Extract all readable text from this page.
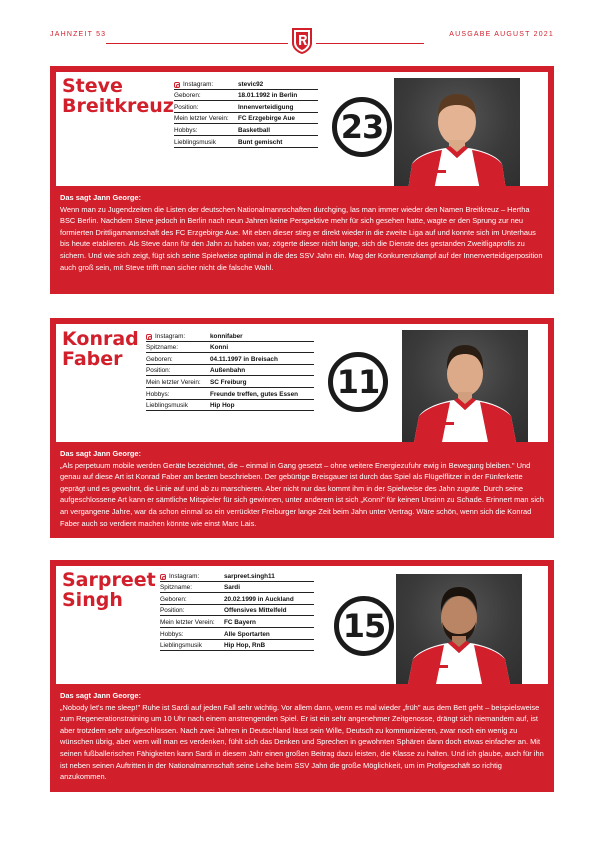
JAHNZEIT 53	AUSGABE AUGUST 2021
Steve
Breitkreuz
Instagram:	stevic92
Geboren:	18.01.1992 in Berlin
Position:	Innenverteidigung
Mein letzter Verein:	FC Erzgebirge Aue
Hobbys:	Basketball
Lieblingsmusik	Bunt gemischt	23
Das sagt Jann George:
Wenn man zu Jugendzeiten die Listen der deutschen Nationalmannschaften durchging, las man immer wieder den Namen Breitkreuz – Hertha BSC Berlin. Nachdem Steve jedoch in Berlin nach neun Jahren keine Perspektive mehr für sich gesehen hatte, wagte er den Sprung zur neu formierten Drittligamannschaft des FC Erzgebirge Aue. Mit eben dieser stieg er direkt wieder in die zweite Liga auf und konnte sich im Unterhaus bis heute etablieren. Als Steve dann für den Jahn zu haben war, zögerte dieser nicht lange, sich die Dienste des gestanden Zweitligaprofis zu sichern. Und wie sich zeigt, fügt sich seine Spielweise optimal in die des SSV Jahn ein. Mag der Konkurrenzkampf auf der Innenverteidigerposition auch groß sein, mit Steve trifft man sicher nicht die falsche Wahl.
Konrad
Faber
Instagram:	konnifaber
Spitzname:	Konni
Geboren:	04.11.1997 in Breisach
Position:	Außenbahn
Mein letzter Verein:	SC Freiburg
Hobbys:	Freunde treffen, gutes Essen
Lieblingsmusik	Hip Hop
11
Das sagt Jann George:
„Als perpetuum mobile werden Geräte bezeichnet, die – einmal in Gang gesetzt – ohne weitere Energiezufuhr ewig in Bewegung bleiben." Und genau auf diese Art ist Konrad Faber am besten beschrieben. Der gebürtige Breisgauer ist durch das Spiel als Flügelflitzer in der Fünferkette geprägt und es gewohnt, die Linie auf und ab zu marschieren. Aber nicht nur das kommt ihm in der Spielweise des Jahn zugute. Durch seine aufgeschlossene Art kann er sämtliche Mitspieler für sich gewinnen, unter anderem ist sich „Konni" für keinen Unsinn zu Schade. Erinnert man sich an vergangene Jahre, war da schon einmal so ein verrückter Freiburger lange Zeit beim Jahn unter Vertrag. Wäre schön, wenn sich die Konrad Faber auch so verdient machen könnte wie einst Marc Lais.
Sarpreet
Singh
Instagram:	sarpreet.singh11
Spitzname:	Sardi
Geboren:	20.02.1999 in Auckland
Position:	Offensives Mittelfeld
Mein letzter Verein:	FC Bayern
Hobbys:	Alle Sportarten
Lieblingsmusik	Hip Hop, RnB
15
Das sagt Jann George:
„Nobody let's me sleep!" Ruhe ist Sardi auf jeden Fall sehr wichtig. Vor allem dann, wenn es mal wieder „früh" aus dem Bett geht – beispielsweise zum Regenerationstraining um 10 Uhr nach einem anstrengenden Spiel. Er ist ein sehr angenehmer Zeitgenosse, drängt sich niemandem auf, ist aber trotzdem sehr aufgeschlossen. Nach zwei Jahren in Deutschland lässt sein Wille, Deutsch zu kommunizieren, zwar noch ein wenig zu wünschen übrig, aber wem will man es verdenken, fühlt sich das Denken und Sprechen in gewohnten Sphären dann doch etwas einfacher an. Mit seinen fußballerischen Fähigkeiten kann Sardi in diesem Jahr einen großen Beitrag dazu leisten, die Klasse zu halten. Und ich glaube, auch für ihn ist neben seinen Auftritten in der Nationalmannschaft seine Leihe beim SSV Jahn die große Möglichkeit, um im Profigeschäft so richtig anzukommen.
